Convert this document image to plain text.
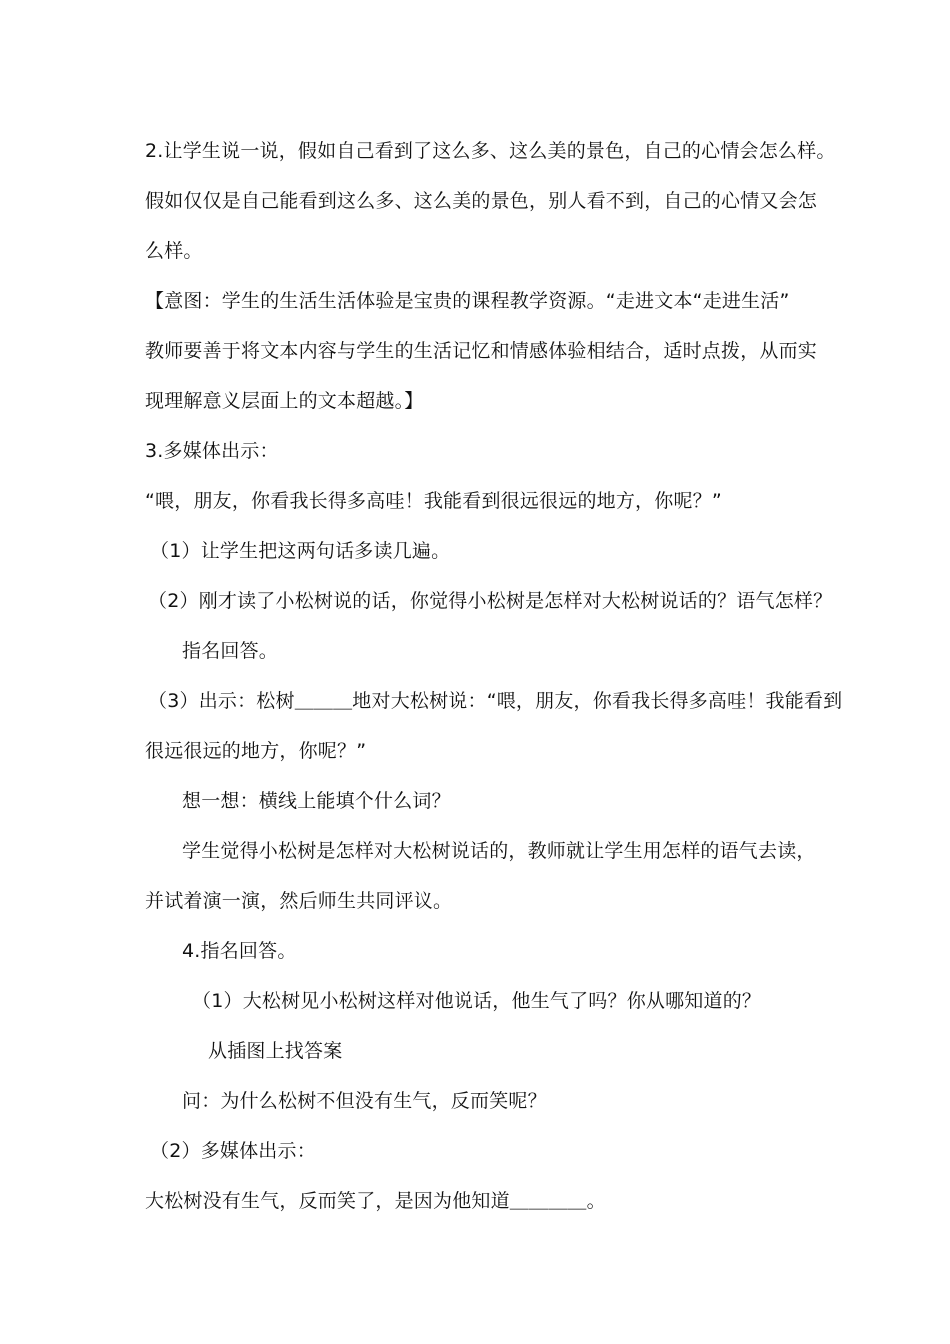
2.让学生说一说，假如自己看到了这么多、这么美的景色，自己的心情会怎么样。
假如仅仅是自己能看到这么多、这么美的景色，别人看不到，自己的心情又会怎
么样。
【意图：学生的生活生活体验是宝贵的课程教学资源。“走进文本“走进生活”
教师要善于将文本内容与学生的生活记忆和情感体验相结合，适时点拨，从而实
现理解意义层面上的文本超越。】
3.多媒体出示：
“喂，朋友，你看我长得多高哇！我能看到很远很远的地方，你呢？”
（1）让学生把这两句话多读几遍。
（2）刚才读了小松树说的话，你觉得小松树是怎样对大松树说话的？语气怎样？
指名回答。
（3）出示：松树＿＿＿地对大松树说：“喂，朋友，你看我长得多高哇！我能看到
很远很远的地方，你呢？”
想一想：横线上能填个什么词？
学生觉得小松树是怎样对大松树说话的，教师就让学生用怎样的语气去读，
并试着演一演，然后师生共同评议。
4.指名回答。
（1）大松树见小松树这样对他说话，他生气了吗？你从哪知道的？
从插图上找答案
问：为什么松树不但没有生气，反而笑呢？
（2）多媒体出示：
大松树没有生气，反而笑了，是因为他知道＿＿＿＿。
